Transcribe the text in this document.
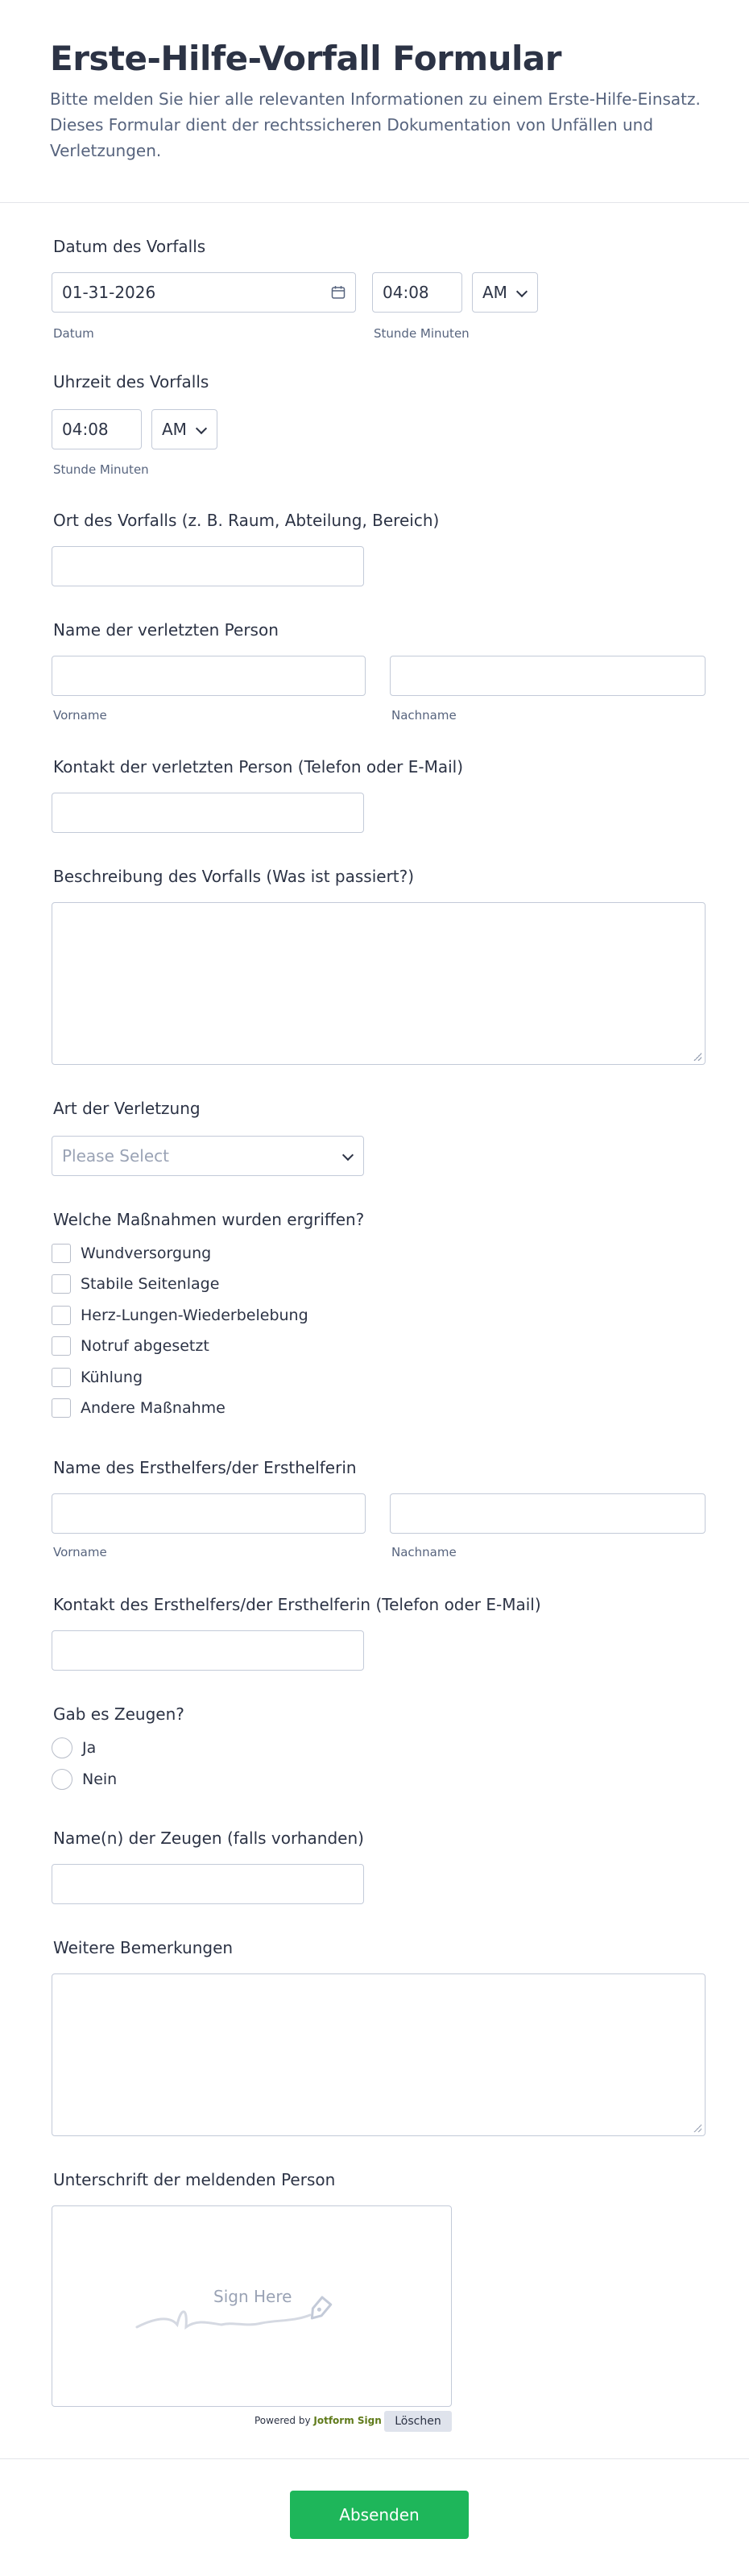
Erste-Hilfe-Vorfall Formular

Bitte melden Sie hier alle relevanten Informationen zu einem Erste-Hilfe-Einsatz. Dieses Formular dient der rechtssicheren Dokumentation von Unfällen und Verletzungen.

Datum des Vorfalls
01-31-2026	04:08	AM
Datum	Stunde Minuten
Uhrzeit des Vorfalls
04:08	AM
Stunde Minuten
Ort des Vorfalls (z. B. Raum, Abteilung, Bereich)
Name der verletzten Person
Vorname	Nachname
Kontakt der verletzten Person (Telefon oder E-Mail)
Beschreibung des Vorfalls (Was ist passiert?)
Art der Verletzung
Please Select
Welche Maßnahmen wurden ergriffen?
Wundversorgung
Stabile Seitenlage
Herz-Lungen-Wiederbelebung
Notruf abgesetzt
Kühlung
Andere Maßnahme
Name des Ersthelfers/der Ersthelferin
Vorname	Nachname
Kontakt des Ersthelfers/der Ersthelferin (Telefon oder E-Mail)
Gab es Zeugen?
Ja
Nein
Name(n) der Zeugen (falls vorhanden)
Weitere Bemerkungen
Unterschrift der meldenden Person
Sign Here
Powered by Jotform Sign	Löschen
Absenden
